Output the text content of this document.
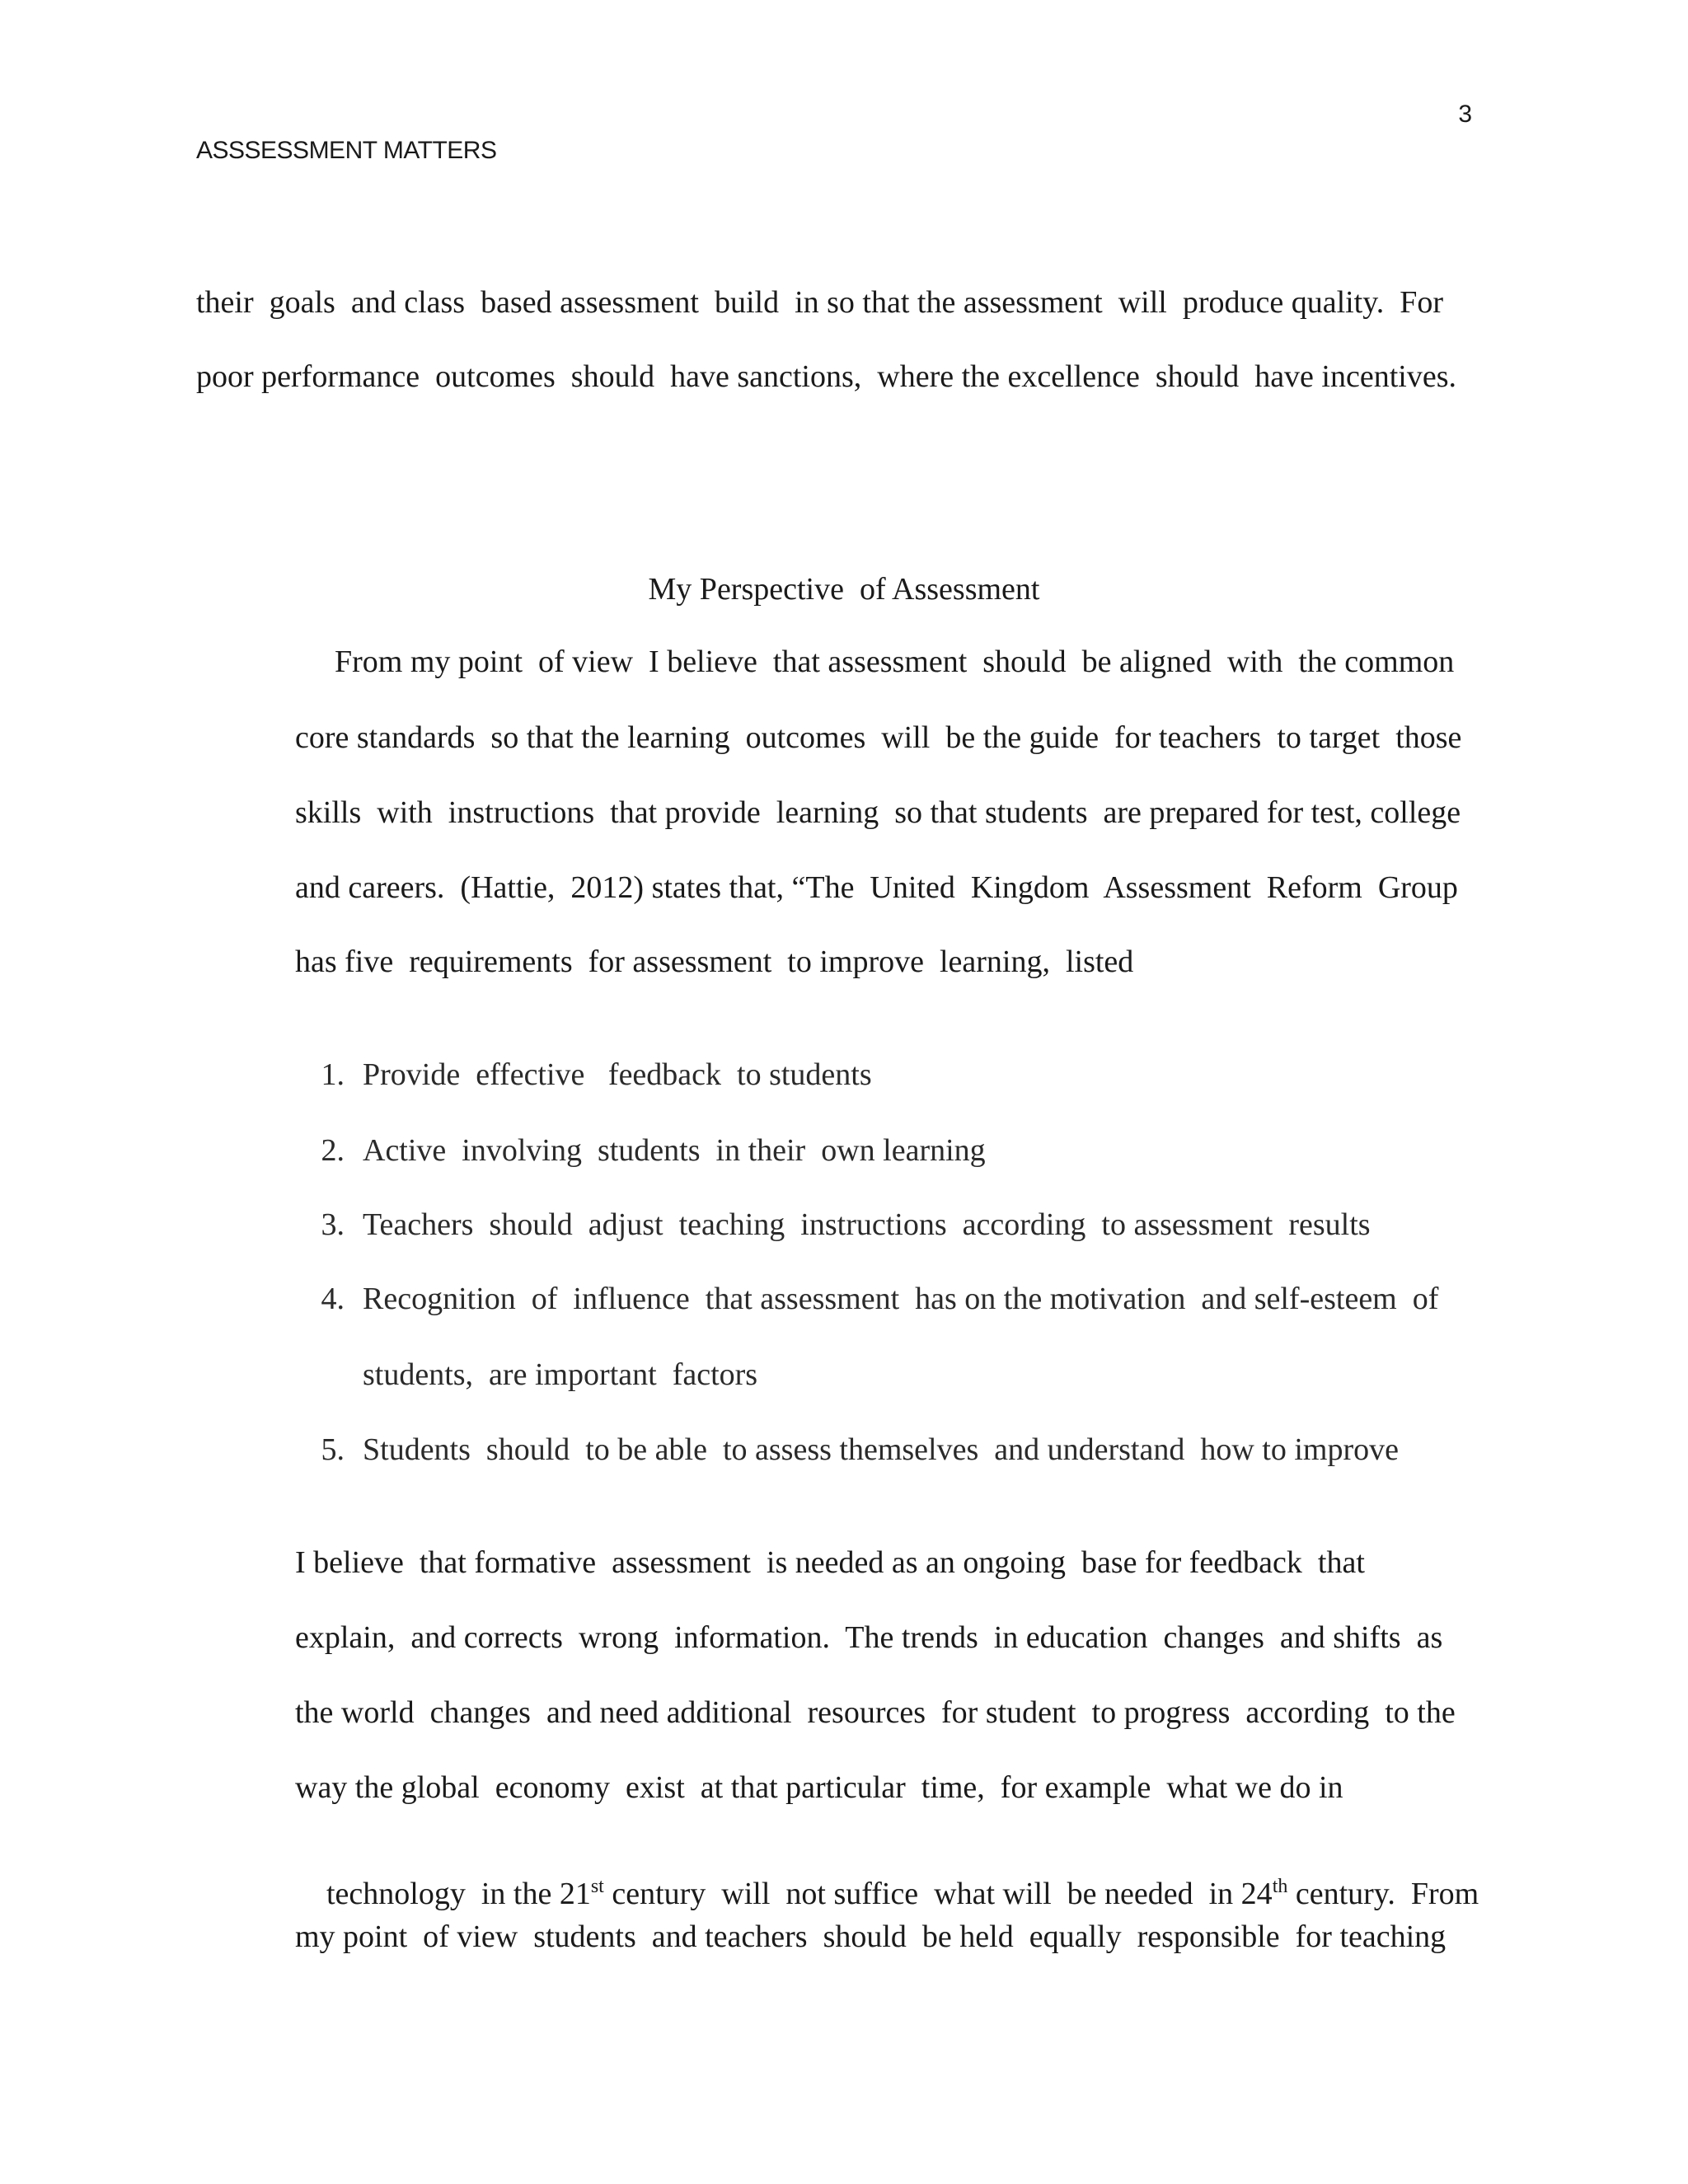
3
ASSSESSMENT MATTERS
their  goals  and class  based assessment  build  in so that the assessment  will  produce quality.  For
poor performance  outcomes  should  have sanctions,  where the excellence  should  have incentives.
My Perspective  of Assessment
From my point  of view  I believe  that assessment  should  be aligned  with  the common
core standards  so that the learning  outcomes  will  be the guide  for teachers  to target  those
skills  with  instructions  that provide  learning  so that students  are prepared for test, college
and careers.  (Hattie,  2012) states that, “The  United  Kingdom  Assessment  Reform  Group
has five  requirements  for assessment  to improve  learning,  listed
1. Provide  effective   feedback  to students
2. Active  involving  students  in their  own learning
3. Teachers  should  adjust  teaching  instructions  according  to assessment  results
4. Recognition  of  influence  that assessment  has on the motivation  and self-esteem  of
students,  are important  factors
5. Students  should  to be able  to assess themselves  and understand  how to improve
I believe  that formative  assessment  is needed as an ongoing  base for feedback  that
explain,  and corrects  wrong  information.  The trends  in education  changes  and shifts  as
the world  changes  and need additional  resources  for student  to progress  according  to the
way the global  economy  exist  at that particular  time,  for example  what we do in

technology  in the 21st century  will  not suffice  what will  be needed  in 24th century.  From

my point  of view  students  and teachers  should  be held  equally  responsible  for teaching
